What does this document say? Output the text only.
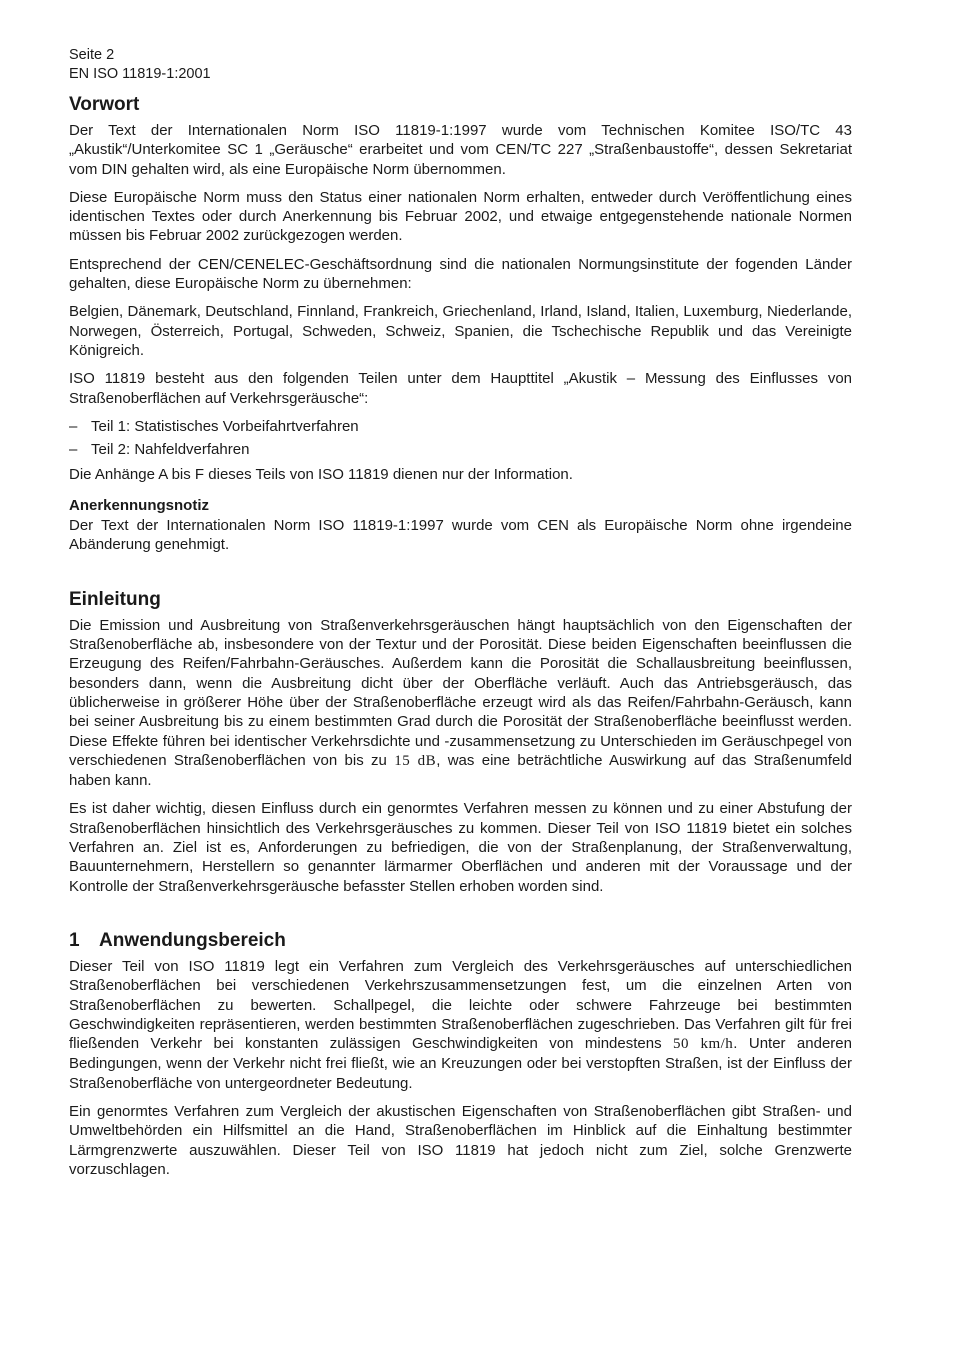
Seite 2

EN ISO 11819-1:2001

Vorwort

Der Text der Internationalen Norm ISO 11819-1:1997 wurde vom Technischen Komitee ISO/TC 43 „Akustik“/Unterkomitee SC 1 „Geräusche“ erarbeitet und vom CEN/TC 227 „Straßenbaustoffe“, dessen Sekretariat vom DIN gehalten wird, als eine Europäische Norm übernommen.

Diese Europäische Norm muss den Status einer nationalen Norm erhalten, entweder durch Veröffentlichung eines identischen Textes oder durch Anerkennung bis Februar 2002, und etwaige entgegenstehende nationale Normen müssen bis Februar 2002 zurückgezogen werden.

Entsprechend der CEN/CENELEC-Geschäftsordnung sind die nationalen Normungsinstitute der fogenden Länder gehalten, diese Europäische Norm zu übernehmen:

Belgien, Dänemark, Deutschland, Finnland, Frankreich, Griechenland, Irland, Island, Italien, Luxemburg, Niederlande, Norwegen, Österreich, Portugal, Schweden, Schweiz, Spanien, die Tschechische Republik und das Vereinigte Königreich.

ISO 11819 besteht aus den folgenden Teilen unter dem Haupttitel „Akustik – Messung des Einflusses von Straßenoberflächen auf Verkehrsgeräusche“:

– Teil 1: Statistisches Vorbeifahrtverfahren
– Teil 2: Nahfeldverfahren

Die Anhänge A bis F dieses Teils von ISO 11819 dienen nur der Information.

Anerkennungsnotiz

Der Text der Internationalen Norm ISO 11819-1:1997 wurde vom CEN als Europäische Norm ohne irgendeine Abänderung genehmigt.

Einleitung

Die Emission und Ausbreitung von Straßenverkehrsgeräuschen hängt hauptsächlich von den Eigenschaften der Straßenoberfläche ab, insbesondere von der Textur und der Porosität. Diese beiden Eigenschaften beeinflussen die Erzeugung des Reifen/Fahrbahn-Geräusches. Außerdem kann die Porosität die Schallausbreitung beeinflussen, besonders dann, wenn die Ausbreitung dicht über der Oberfläche verläuft. Auch das Antriebsgeräusch, das üblicherweise in größerer Höhe über der Straßenoberfläche erzeugt wird als das Reifen/Fahrbahn-Geräusch, kann bei seiner Ausbreitung bis zu einem bestimmten Grad durch die Porosität der Straßenoberfläche beeinflusst werden. Diese Effekte führen bei identischer Verkehrsdichte und -zusammensetzung zu Unterschieden im Geräuschpegel von verschiedenen Straßenoberflächen von bis zu 15 dB, was eine beträchtliche Auswirkung auf das Straßenumfeld haben kann.

Es ist daher wichtig, diesen Einfluss durch ein genormtes Verfahren messen zu können und zu einer Abstufung der Straßenoberflächen hinsichtlich des Verkehrsgeräusches zu kommen. Dieser Teil von ISO 11819 bietet ein solches Verfahren an. Ziel ist es, Anforderungen zu befriedigen, die von der Straßenplanung, der Straßenverwaltung, Bauunternehmern, Herstellern so genannter lärmarmer Oberflächen und anderen mit der Voraussage und der Kontrolle der Straßenverkehrsgeräusche befasster Stellen erhoben worden sind.

1 Anwendungsbereich

Dieser Teil von ISO 11819 legt ein Verfahren zum Vergleich des Verkehrsgeräusches auf unterschiedlichen Straßenoberflächen bei verschiedenen Verkehrszusammensetzungen fest, um die einzelnen Arten von Straßenoberflächen zu bewerten. Schallpegel, die leichte oder schwere Fahrzeuge bei bestimmten Geschwindigkeiten repräsentieren, werden bestimmten Straßenoberflächen zugeschrieben. Das Verfahren gilt für frei fließenden Verkehr bei konstanten zulässigen Geschwindigkeiten von mindestens 50 km/h. Unter anderen Bedingungen, wenn der Verkehr nicht frei fließt, wie an Kreuzungen oder bei verstopften Straßen, ist der Einfluss der Straßenoberfläche von untergeordneter Bedeutung.

Ein genormtes Verfahren zum Vergleich der akustischen Eigenschaften von Straßenoberflächen gibt Straßen- und Umweltbehörden ein Hilfsmittel an die Hand, Straßenoberflächen im Hinblick auf die Einhaltung bestimmter Lärmgrenzwerte auszuwählen. Dieser Teil von ISO 11819 hat jedoch nicht zum Ziel, solche Grenzwerte vorzuschlagen.
